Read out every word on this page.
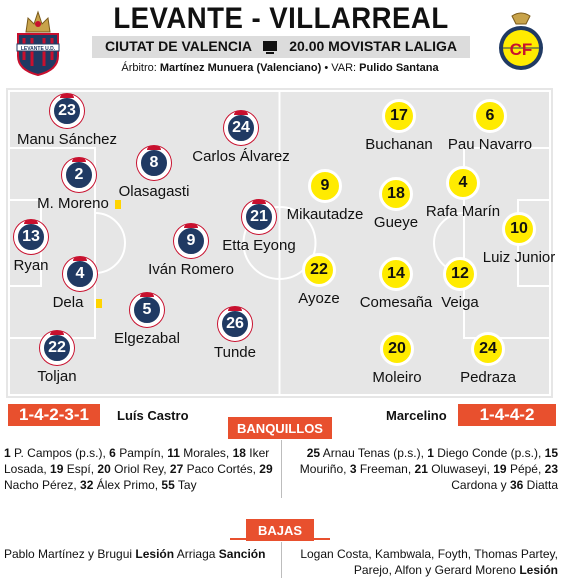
LEVANTE - VILLARREAL
CIUTAT DE VALENCIA	20.00 MOVISTAR LALIGA
Árbitro: Martínez Munuera (Valenciano) • VAR: Pulido Santana
LEVANTE U.D.	CF
23
Manu Sánchez
2
M. Moreno
13
Ryan	4
Dela
22
Toljan
8
Olasagasti
9
Iván Romero
5
Elgezabal
24
Carlos Álvarez
21
Etta Eyong
26
Tunde
17
Buchanan
6
Pau Navarro
9
Mikautadze
18
Gueye
4
Rafa Marín
10
Luiz Junior
22
Ayoze
14
Comesaña
12
Veiga
20
Moleiro
24
Pedraza
1-4-2-3-1	Luís Castro	Marcelino	1-4-4-2
BANQUILLOS
1 P. Campos (p.s.), 6 Pampín, 11 Morales, 18 Iker
Losada, 19 Espí, 20 Oriol Rey, 27 Paco Cortés, 29
Nacho Pérez, 32 Álex Primo, 55 Tay
25 Arnau Tenas (p.s.), 1 Diego Conde (p.s.), 15
Mouriño, 3 Freeman, 21 Oluwaseyi, 19 Pépé, 23
Cardona y 36 Diatta
BAJAS
Pablo Martínez y Brugui Lesión Arriaga Sanción	Logan Costa, Kambwala, Foyth, Thomas Partey,
Parejo, Alfon y Gerard Moreno Lesión
